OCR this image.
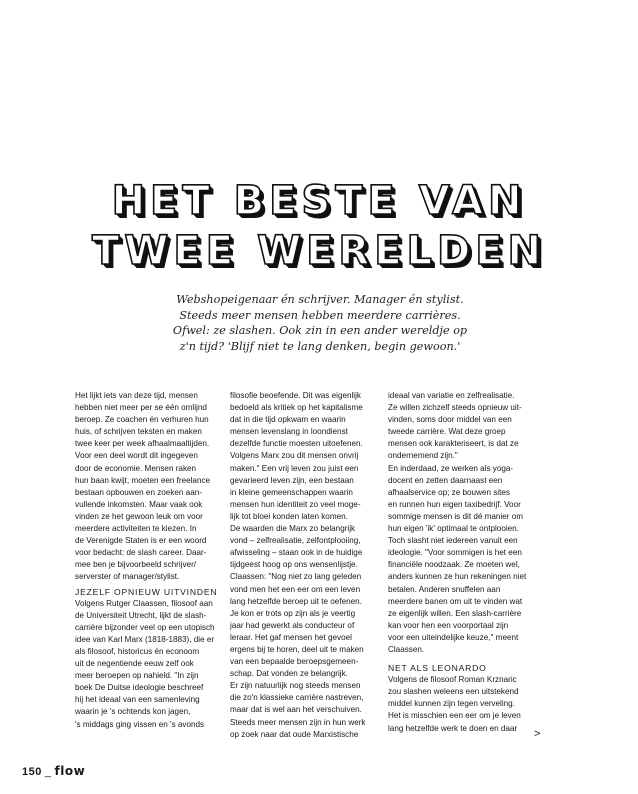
HET BESTE VAN
TWEE WERELDEN
Webshopeigenaar én schrijver. Manager én stylist.
Steeds meer mensen hebben meerdere carrières.
Ofwel: ze slashen. Ook zin in een ander wereldje op
z'n tijd? 'Blijf niet te lang denken, begin gewoon.'
Het lijkt iets van deze tijd, mensen
hebben niet meer per se één omlijnd
beroep. Ze coachen én verhuren hun
huis, of schrijven teksten en maken
twee keer per week afhaalmaaltijden.
Voor een deel wordt dit ingegeven
door de economie. Mensen raken
hun baan kwijt, moeten een freelance
bestaan opbouwen en zoeken aan-
vullende inkomsten. Maar vaak ook
vinden ze het gewoon leuk om voor
meerdere activiteiten te kiezen. In
de Verenigde Staten is er een woord
voor bedacht: de slash career. Daar-
mee ben je bijvoorbeeld schrijver/
serverster of manager/stylist.
JEZELF OPNIEUW UITVINDEN
Volgens Rutger Claassen, filosoof aan
de Universiteit Utrecht, lijkt de slash-
carrière bijzonder veel op een utopisch
idee van Karl Marx (1818-1883), die er
als filosoof, historicus én econoom
uit de negentiende eeuw zelf ook
meer beroepen op nahield. "In zijn
boek De Duitse ideologie beschreef
hij het ideaal van een samenleving
waarin je 's ochtends kon jagen,
's middags ging vissen en 's avonds
filosofie beoefende. Dit was eigenlijk
bedoeld als kritiek op het kapitalisme
dat in die tijd opkwam en waarin
mensen levenslang in loondienst
dezelfde functie moesten uitoefenen.
Volgens Marx zou dit mensen onvrij
maken." Een vrij leven zou juist een
gevarieerd leven zijn, een bestaan
in kleine gemeenschappen waarin
mensen hun identiteit zo veel moge-
lijk tot bloei konden laten komen.
De waarden die Marx zo belangrijk
vond – zelfrealisatie, zelfontplooiing,
afwisseling – staan ook in de huidige
tijdgeest hoog op ons wensenlijstje.
Claassen: "Nog niet zo lang geleden
vond men het een eer om een leven
lang hetzelfde beroep uit te oefenen.
Je kon er trots op zijn als je veertig
jaar had gewerkt als conducteur of
leraar. Het gaf mensen het gevoel
ergens bij te horen, deel uit te maken
van een bepaalde beroepsgemeen-
schap. Dat vonden ze belangrijk.
Er zijn natuurlijk nog steeds mensen
die zo'n klassieke carrière nastreven,
maar dat is wel aan het verschuiven.
Steeds meer mensen zijn in hun werk
op zoek naar dat oude Marxistische
ideaal van variatie en zelfrealisatie.
Ze willen zichzelf steeds opnieuw uit-
vinden, soms door middel van een
tweede carrière. Wat deze groep
mensen ook karakteriseert, is dat ze
ondernemend zijn."
En inderdaad, ze werken als yoga-
docent en zetten daarnaast een
afhaalservice op; ze bouwen sites
en runnen hun eigen taxibedrijf. Voor
sommige mensen is dit dé manier om
hun eigen 'ik' optimaal te ontplooien.
Toch slasht niet iedereen vanuit een
ideologie. "Voor sommigen is het een
financiële noodzaak. Ze moeten wel,
anders kunnen ze hun rekeningen niet
betalen. Anderen snuffelen aan
meerdere banen om uit te vinden wat
ze eigenlijk willen. Een slash-carrière
kan voor hen een voorportaal zijn
voor een uiteindelijke keuze," meent
Claassen.
NET ALS LEONARDO
Volgens de filosoof Roman Krznaric
zou slashen weleens een uitstekend
middel kunnen zijn tegen verveling.
Het is misschien een eer om je leven
lang hetzelfde werk te doen en daar	>
150 _ flow
